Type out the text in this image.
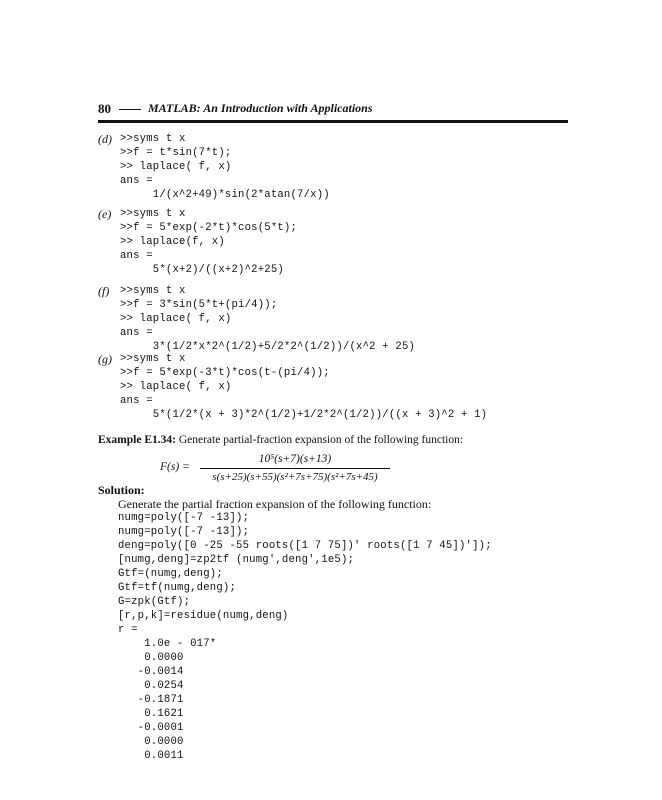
80	MATLAB: An Introduction with Applications
(d) >>syms t x
>>f = t*sin(7*t);
>> laplace( f, x)
ans =
1/(x^2+49)*sin(2*atan(7/x))
(e) >>syms t x
>>f = 5*exp(-2*t)*cos(5*t);
>> laplace(f, x)
ans =
5*(x+2)/((x+2)^2+25)
(f) >>syms t x
>>f = 3*sin(5*t+(pi/4));
>> laplace( f, x)
ans =
3*(1/2*x*2^(1/2)+5/2*2^(1/2))/(x^2 + 25)
(g) >>syms t x
>>f = 5*exp(-3*t)*cos(t-(pi/4));
>> laplace( f, x)
ans =
5*(1/2*(x + 3)*2^(1/2)+1/2*2^(1/2))/((x + 3)^2 + 1)
Example E1.34: Generate partial-fraction expansion of the following function:
F(s) =
10⁵(s+7)(s+13)
s(s+25)(s+55)(s²+7s+75)(s²+7s+45)
Solution:
Generate the partial fraction expansion of the following function:
numg=poly([-7 -13]);
numg=poly([-7 -13]);
deng=poly([0 -25 -55 roots([1 7 75])' roots([1 7 45])']);
[numg,deng]=zp2tf (numg',deng',1e5);
Gtf=(numg,deng);
Gtf=tf(numg,deng);
G=zpk(Gtf);
[r,p,k]=residue(numg,deng)
r =
1.0e - 017*
0.0000
-0.0014
0.0254
-0.1871
0.1621
-0.0001
0.0000
0.0011
